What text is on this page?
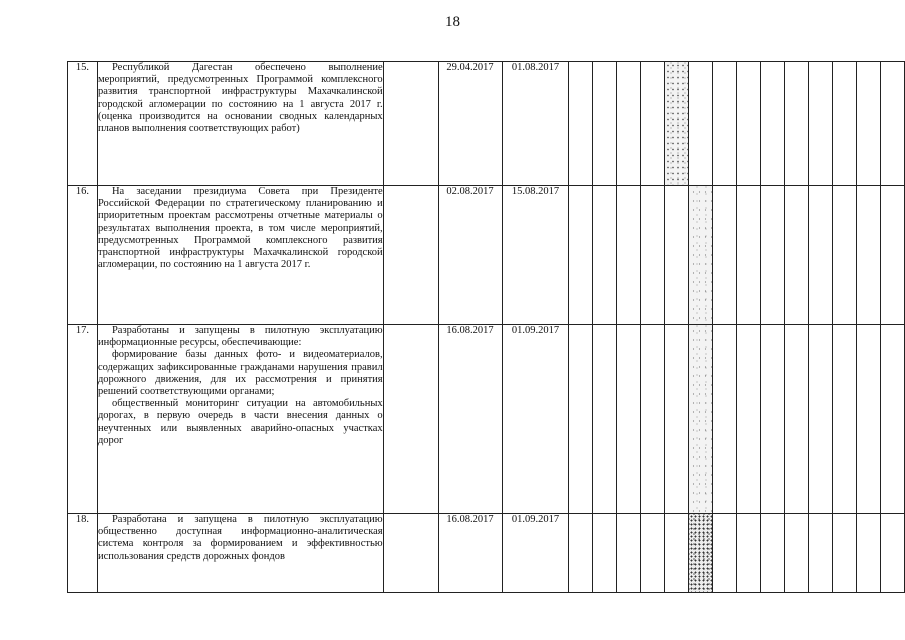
18
15.	Республикой Дагестан обеспечено выполнение мероприятий, предусмотренных Программой комплексного развития транспортной инфраструктуры Махачкалинской городской агломерации по состоянию на 1 августа 2017 г. (оценка производится на основании сводных календарных планов выполнения соответствующих работ)		29.04.2017	01.08.2017														
16.	На заседании президиума Совета при Президенте Российской Федерации по стратегическому планированию и приоритетным проектам рассмотрены отчетные материалы о результатах выполнения проекта, в том числе мероприятий, предусмотренных Программой комплексного развития транспортной инфраструктуры Махачкалинской городской агломерации, по состоянию на 1 августа 2017 г.		02.08.2017	15.08.2017														
17.	Разработаны и запущены в пилотную эксплуатацию информационные ресурсы, обеспечивающие:

формирование базы данных фото- и видеоматериалов, содержащих зафиксированные гражданами нарушения правил дорожного движения, для их рассмотрения и принятия решений соответствующими органами;

общественный мониторинг ситуации на автомобильных дорогах, в первую очередь в части внесения данных о неучтенных или выявленных аварийно-опасных участках дорог		16.08.2017	01.09.2017														
18.	Разработана и запущена в пилотную эксплуатацию общественно доступная информационно-аналитическая система контроля за формированием и эффективностью использования средств дорожных фондов		16.08.2017	01.09.2017														
